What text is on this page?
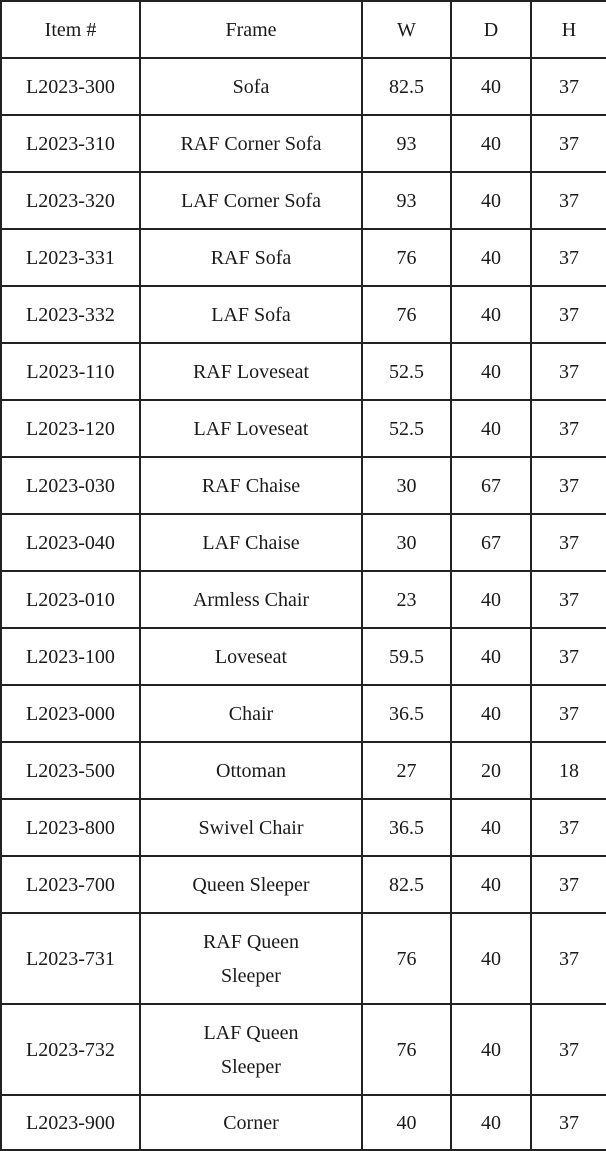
Item #	Frame	W	D	H
L2023-300	Sofa	82.5	40	37
L2023-310	RAF Corner Sofa	93	40	37
L2023-320	LAF Corner Sofa	93	40	37
L2023-331	RAF Sofa	76	40	37
L2023-332	LAF Sofa	76	40	37
L2023-110	RAF Loveseat	52.5	40	37
L2023-120	LAF Loveseat	52.5	40	37
L2023-030	RAF Chaise	30	67	37
L2023-040	LAF Chaise	30	67	37
L2023-010	Armless Chair	23	40	37
L2023-100	Loveseat	59.5	40	37
L2023-000	Chair	36.5	40	37
L2023-500	Ottoman	27	20	18
L2023-800	Swivel Chair	36.5	40	37
L2023-700	Queen Sleeper	82.5	40	37
L2023-731	RAF Queen Sleeper	76	40	37
L2023-732	LAF Queen Sleeper	76	40	37
L2023-900	Corner	40	40	37
